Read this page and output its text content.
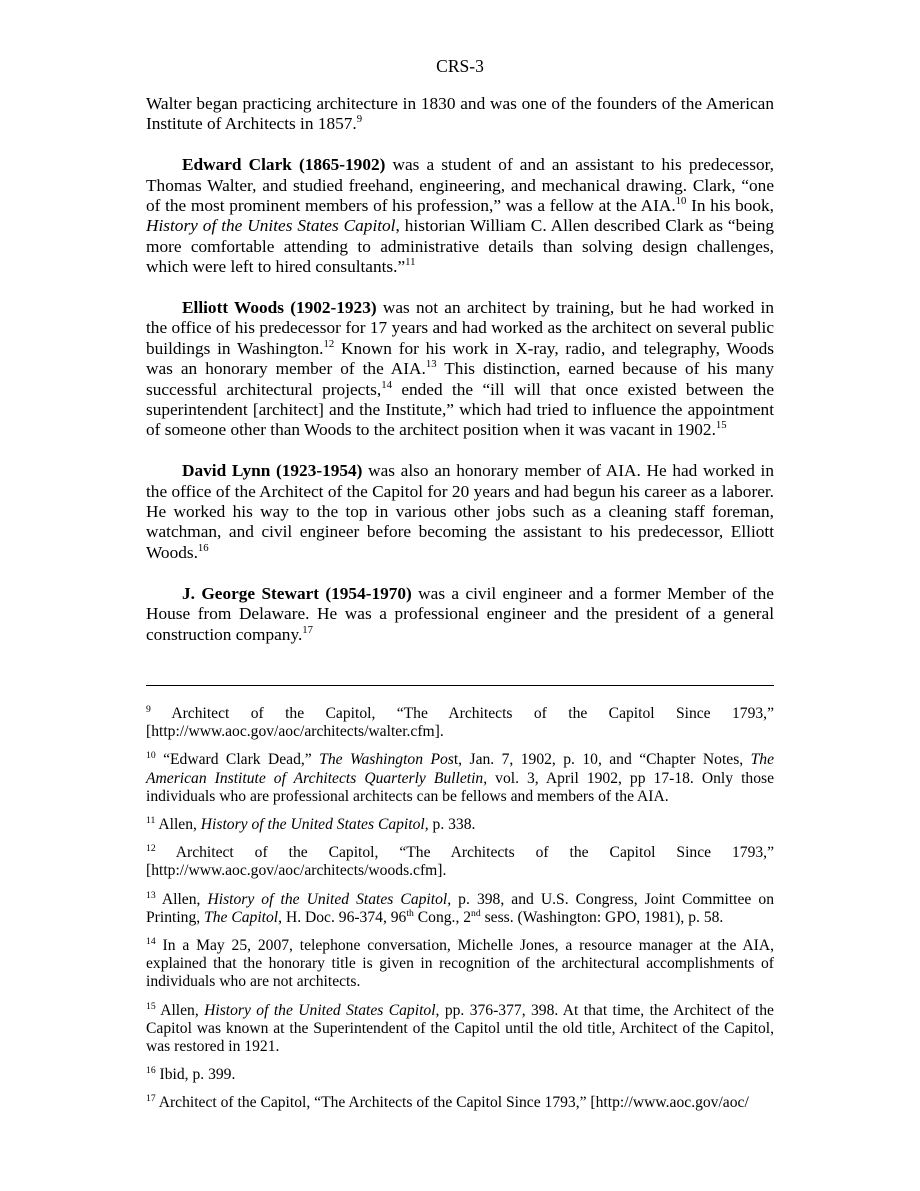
CRS-3

Walter began practicing architecture in 1830 and was one of the founders of the American Institute of Architects in 1857.$^9$

Edward Clark (1865-1902) was a student of and an assistant to his predecessor, Thomas Walter, and studied freehand, engineering, and mechanical drawing. Clark, “one of the most prominent members of his profession,” was a fellow at the AIA.$^{10}$ In his book, History of the Unites States Capitol, historian William C. Allen described Clark as “being more comfortable attending to administrative details than solving design challenges, which were left to hired consultants.”$^{11}$

Elliott Woods (1902-1923) was not an architect by training, but he had worked in the office of his predecessor for 17 years and had worked as the architect on several public buildings in Washington.$^{12}$ Known for his work in X-ray, radio, and telegraphy, Woods was an honorary member of the AIA.$^{13}$ This distinction, earned because of his many successful architectural projects,$^{14}$ ended the “ill will that once existed between the superintendent [architect] and the Institute,” which had tried to influence the appointment of someone other than Woods to the architect position when it was vacant in 1902.15

David Lynn (1923-1954) was also an honorary member of AIA. He had worked in the office of the Architect of the Capitol for 20 years and had begun his career as a laborer. He worked his way to the top in various other jobs such as a cleaning staff foreman, watchman, and civil engineer before becoming the assistant to his predecessor, Elliott Woods.$^{16}$

J. George Stewart (1954-1970) was a civil engineer and a former Member of the House from Delaware. He was a professional engineer and the president of a general construction company.$^{17}$

$^9$ Architect of the Capitol, “The Architects of the Capitol Since 1793,” [http://www.aoc.gov/aoc/architects/walter.cfm].

$^{10}$ “Edward Clark Dead,” The Washington Post, Jan. 7, 1902, p. 10, and “Chapter Notes, The American Institute of Architects Quarterly Bulletin, vol. 3, April 1902, pp 17-18. Only those individuals who are professional architects can be fellows and members of the AIA.

$^{11}$ Allen, History of the United States Capitol, p. 338.

$^{12}$ Architect of the Capitol, “The Architects of the Capitol Since 1793,” [http://www.aoc.gov/aoc/architects/woods.cfm].

$^{13}$ Allen, History of the United States Capitol, p. 398, and U.S. Congress, Joint Committee on Printing, The Capitol, H. Doc. 96-374, 96th Cong., 2nd sess. (Washington: GPO, 1981), p. 58.

$^{14}$ In a May 25, 2007, telephone conversation, Michelle Jones, a resource manager at the AIA, explained that the honorary title is given in recognition of the architectural accomplishments of individuals who are not architects.

$^{15}$ Allen, History of the United States Capitol, pp. 376-377, 398. At that time, the Architect of the Capitol was known at the Superintendent of the Capitol until the old title, Architect of the Capitol, was restored in 1921.

$^{16}$ Ibid, p. 399.

$^{17}$ Architect of the Capitol, “The Architects of the Capitol Since 1793,” [http://www.aoc.gov/aoc/
